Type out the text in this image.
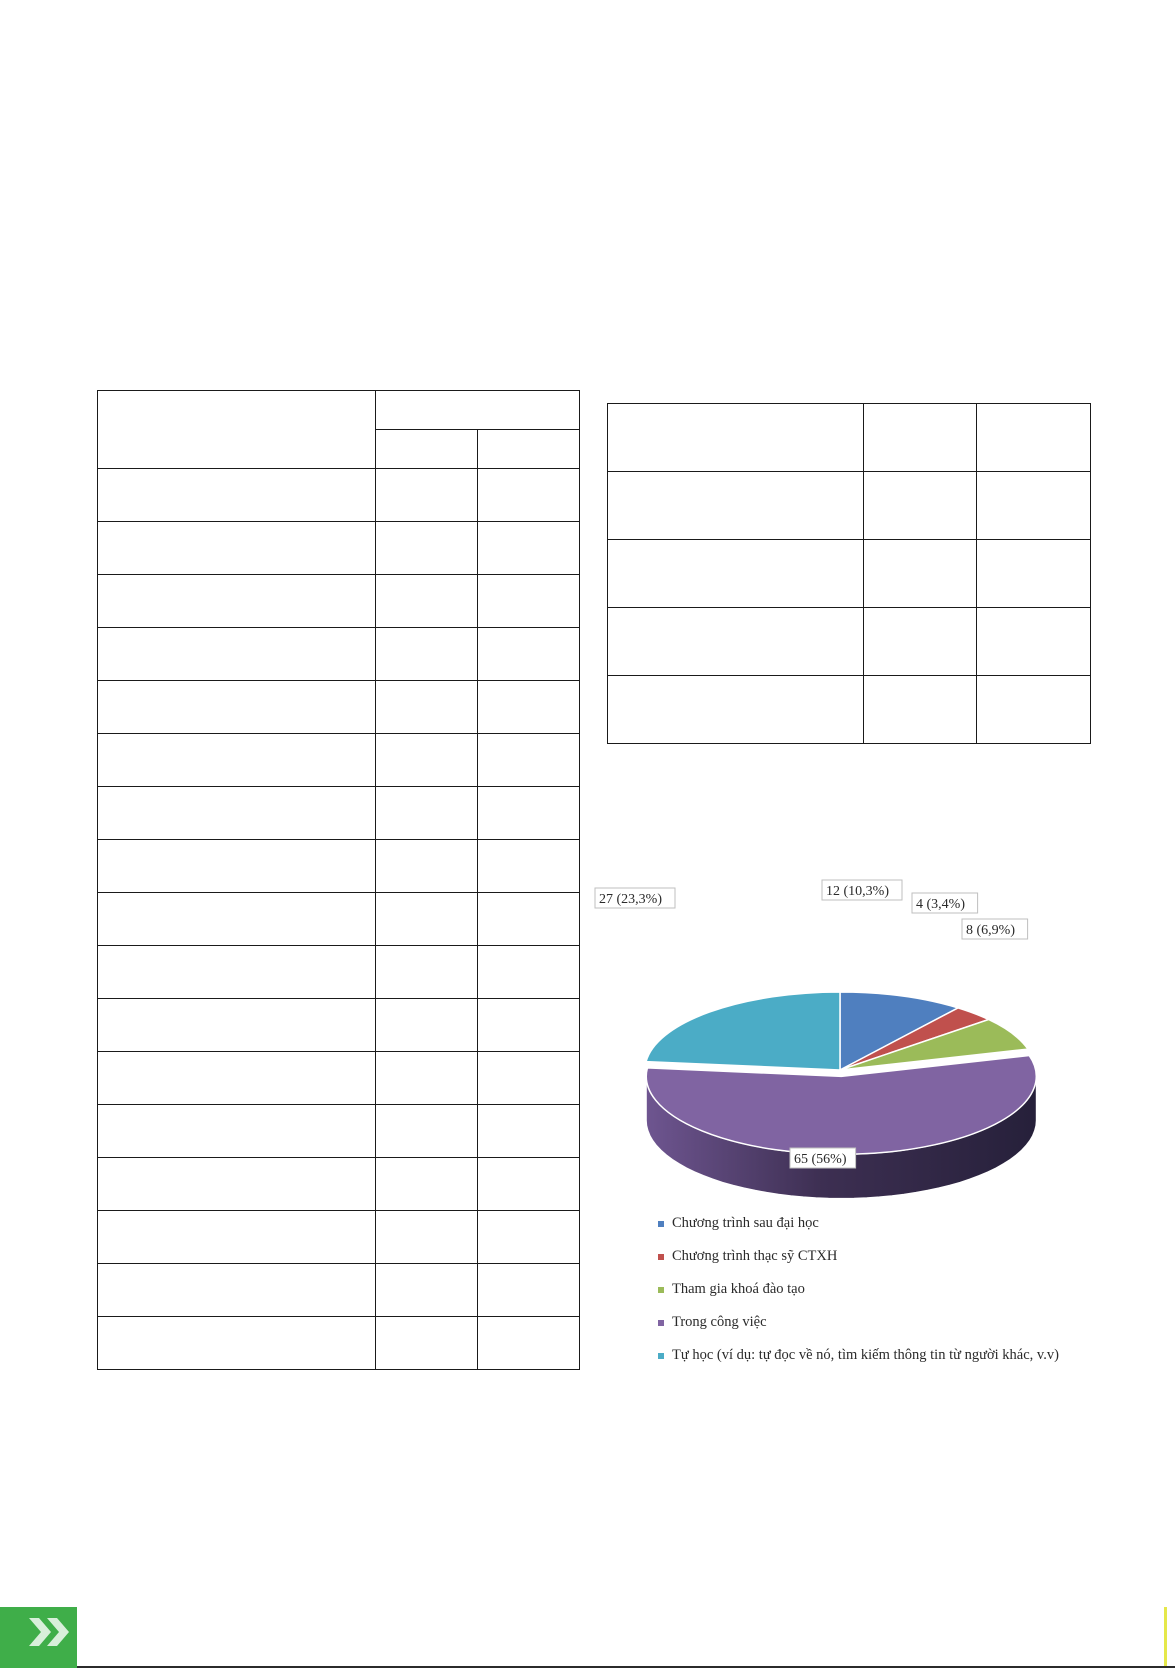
12 (10,3%)
4 (3,4%)
8 (6,9%)
65 (56%)
27 (23,3%)
Chương trình sau đại học
Chương trình thạc sỹ CTXH
Tham gia khoá đào tạo
Trong công việc
Tự học (ví dụ: tự đọc về nó, tìm kiếm thông tin từ người khác, v.v)
